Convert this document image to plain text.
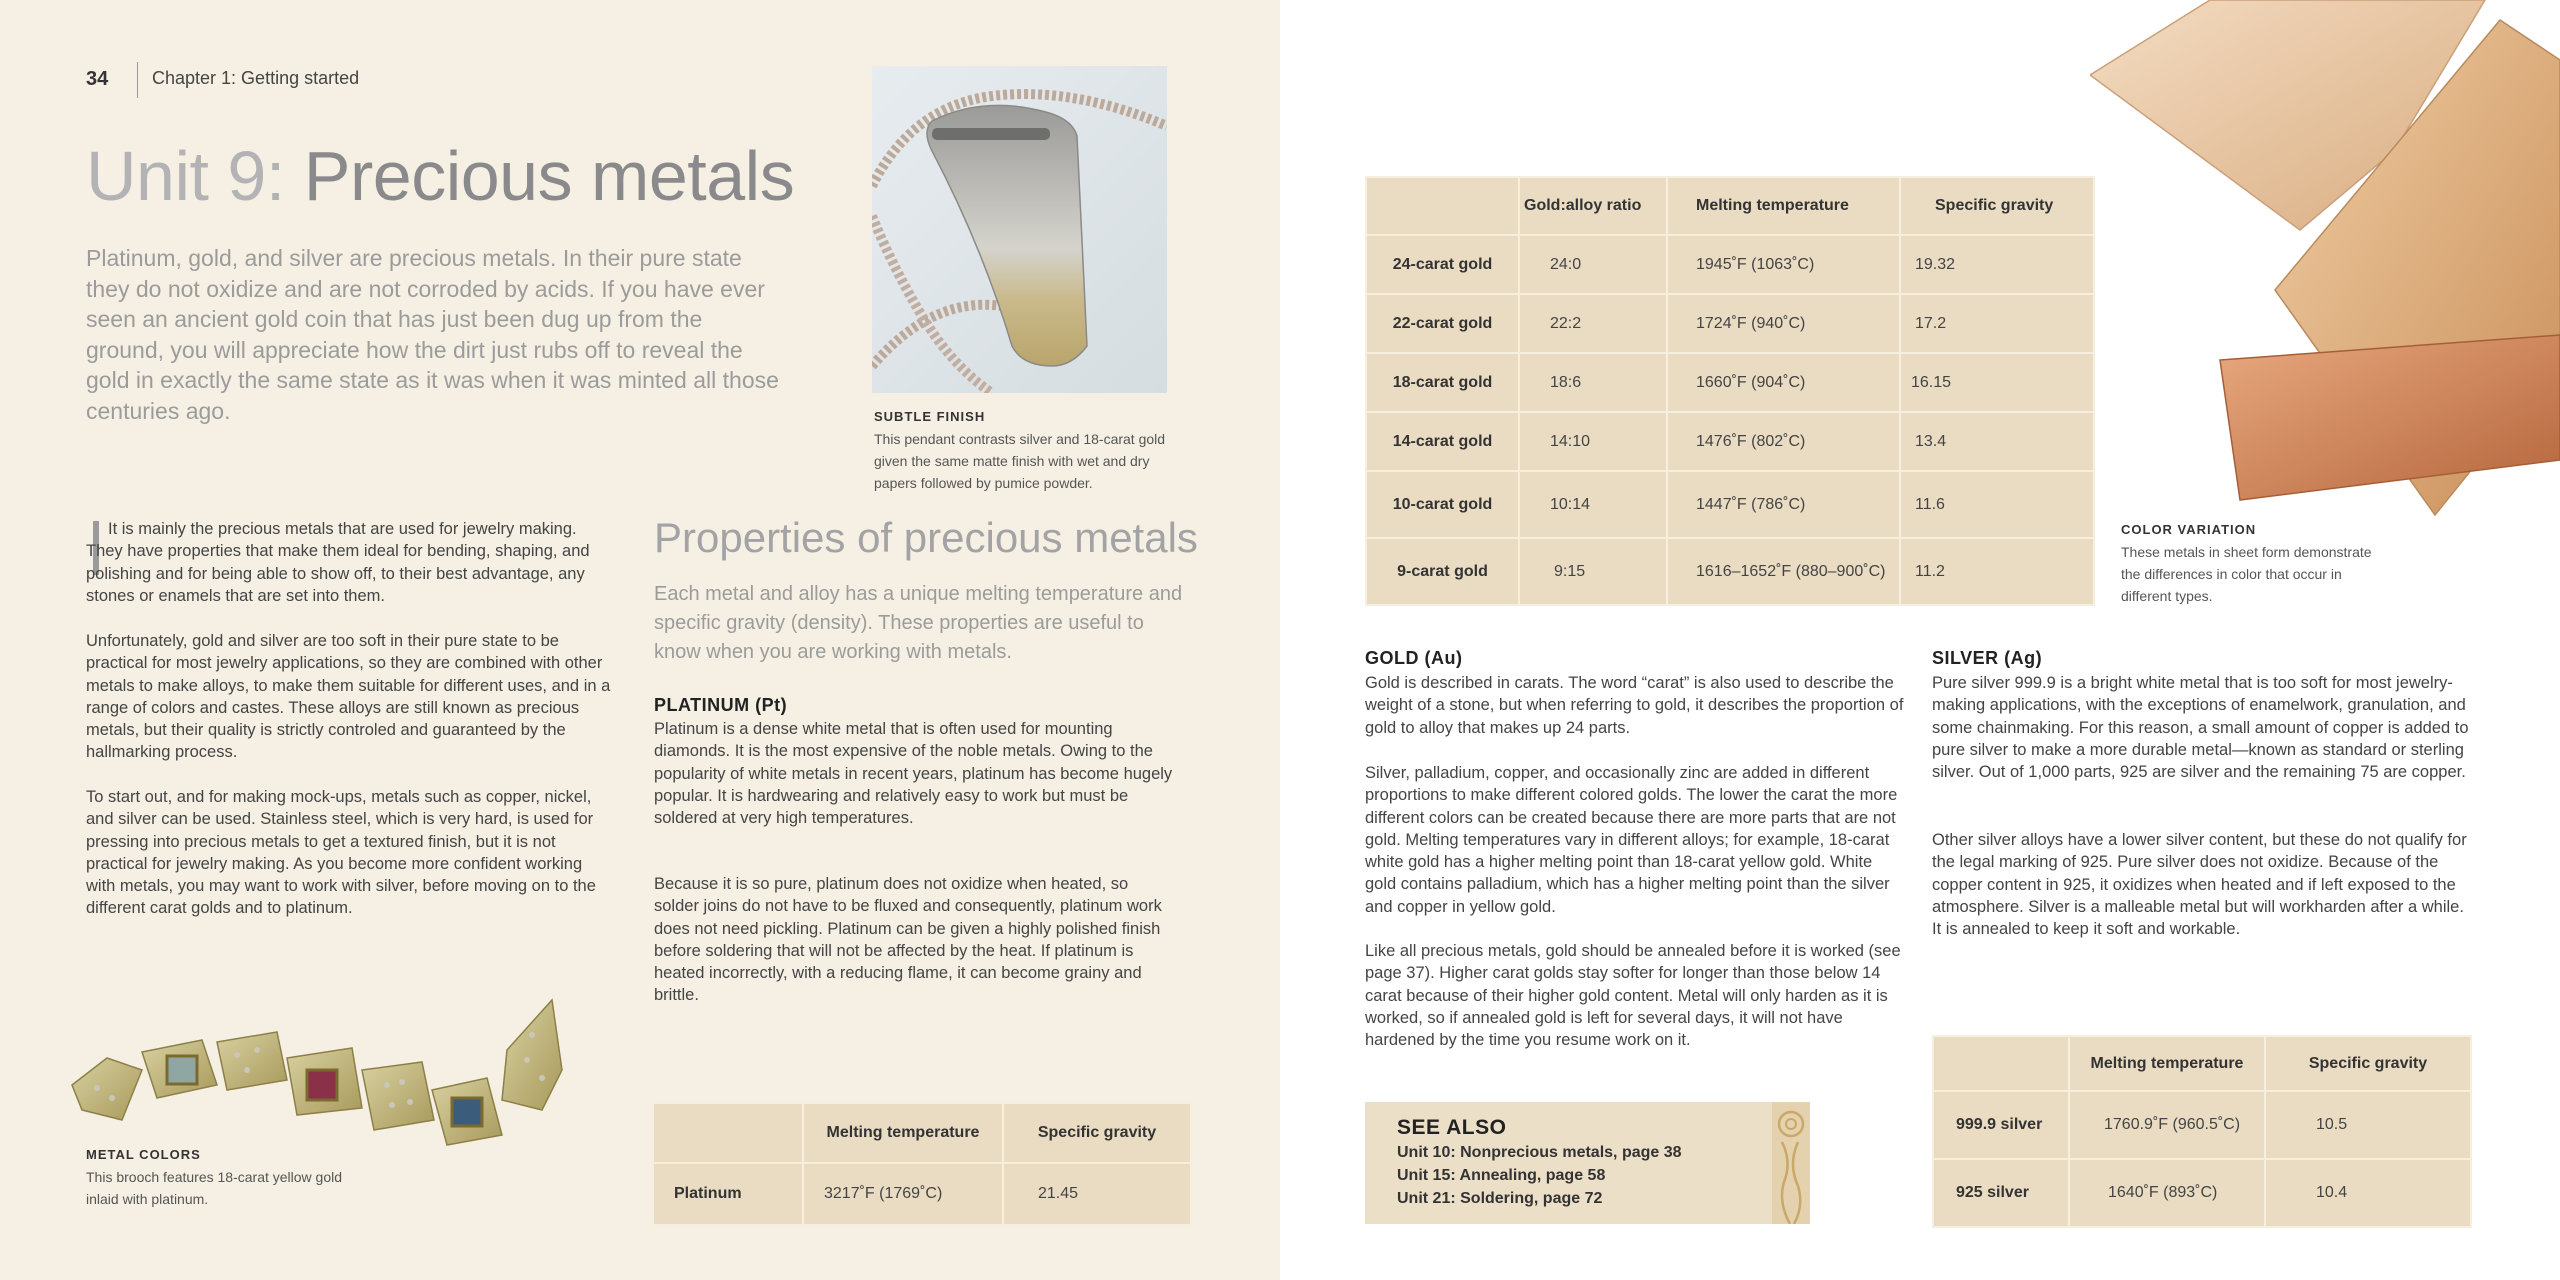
34 Chapter 1: Getting started
Unit 9: Precious metals
Platinum, gold, and silver are precious metals. In their pure state they do not oxidize and are not corroded by acids. If you have ever seen an ancient gold coin that has just been dug up from the ground, you will appreciate how the dirt just rubs off to reveal the gold in exactly the same state as it was when it was minted all those centuries ago.	SUBTLE FINISH
This pendant contrasts silver and 18-carat gold given the same matte finish with wet and dry papers followed by pumice powder.
It is mainly the precious metals that are used for jewelry making. They have properties that make them ideal for bending, shaping, and polishing and for being able to show off, to their best advantage, any stones or enamels that are set into them.
Unfortunately, gold and silver are too soft in their pure state to be practical for most jewelry applications, so they are combined with other metals to make alloys, to make them suitable for different uses, and in a range of colors and castes. These alloys are still known as precious metals, but their quality is strictly controled and guaranteed by the hallmarking process.
To start out, and for making mock-ups, metals such as copper, nickel, and silver can be used. Stainless steel, which is very hard, is used for pressing into precious metals to get a textured finish, but it is not practical for jewelry making. As you become more confident working with metals, you may want to work with silver, before moving on to the different carat golds and to platinum.
METAL COLORS
This brooch features 18-carat yellow gold inlaid with platinum.
Properties of precious metals
Each metal and alloy has a unique melting temperature and specific gravity (density). These properties are useful to know when you are working with metals.
PLATINUM (Pt)
Platinum is a dense white metal that is often used for mounting diamonds. It is the most expensive of the noble metals. Owing to the popularity of white metals in recent years, platinum has become hugely popular. It is hardwearing and relatively easy to work but must be soldered at very high temperatures.
Because it is so pure, platinum does not oxidize when heated, so solder joins do not have to be fluxed and consequently, platinum work does not need pickling. Platinum can be given a highly polished finish before soldering that will not be affected by the heat. If platinum is heated incorrectly, with a reducing flame, it can become grainy and brittle.
	Melting temperature	Specific gravity
Platinum	3217˚F (1769˚C)	21.45
	Gold:alloy ratio	Melting temperature	Specific gravity
24-carat gold	24:0	1945˚F (1063˚C)	19.32
22-carat gold	22:2	1724˚F (940˚C)	17.2
18-carat gold	18:6	1660˚F (904˚C)	16.15
14-carat gold	14:10	1476˚F (802˚C)	13.4
10-carat gold	10:14	1447˚F (786˚C)	11.6
9-carat gold	9:15	1616–1652˚F (880–900˚C)	11.2
COLOR VARIATION
These metals in sheet form demonstrate the differences in color that occur in different types.
GOLD (Au)
Gold is described in carats. The word “carat” is also used to describe the weight of a stone, but when referring to gold, it describes the proportion of gold to alloy that makes up 24 parts.
Silver, palladium, copper, and occasionally zinc are added in different proportions to make different colored golds. The lower the carat the more different colors can be created because there are more parts that are not gold. Melting temperatures vary in different alloys; for example, 18-carat white gold has a higher melting point than 18-carat yellow gold. White gold contains palladium, which has a higher melting point than the silver and copper in yellow gold.
Like all precious metals, gold should be annealed before it is worked (see page 37). Higher carat golds stay softer for longer than those below 14 carat because of their higher gold content. Metal will only harden as it is worked, so if annealed gold is left for several days, it will not have hardened by the time you resume work on it.
SILVER (Ag)
Pure silver 999.9 is a bright white metal that is too soft for most jewelry-making applications, with the exceptions of enamelwork, granulation, and some chainmaking. For this reason, a small amount of copper is added to pure silver to make a more durable metal—known as standard or sterling silver. Out of 1,000 parts, 925 are silver and the remaining 75 are copper.
Other silver alloys have a lower silver content, but these do not qualify for the legal marking of 925. Pure silver does not oxidize. Because of the copper content in 925, it oxidizes when heated and if left exposed to the atmosphere. Silver is a malleable metal but will workharden after a while. It is annealed to keep it soft and workable.
SEE ALSO
Unit 10: Nonprecious metals, page 38
Unit 15: Annealing, page 58
Unit 21: Soldering, page 72
	Melting temperature	Specific gravity
999.9 silver	1760.9˚F (960.5˚C)	10.5
925 silver	1640˚F (893˚C)	10.4
